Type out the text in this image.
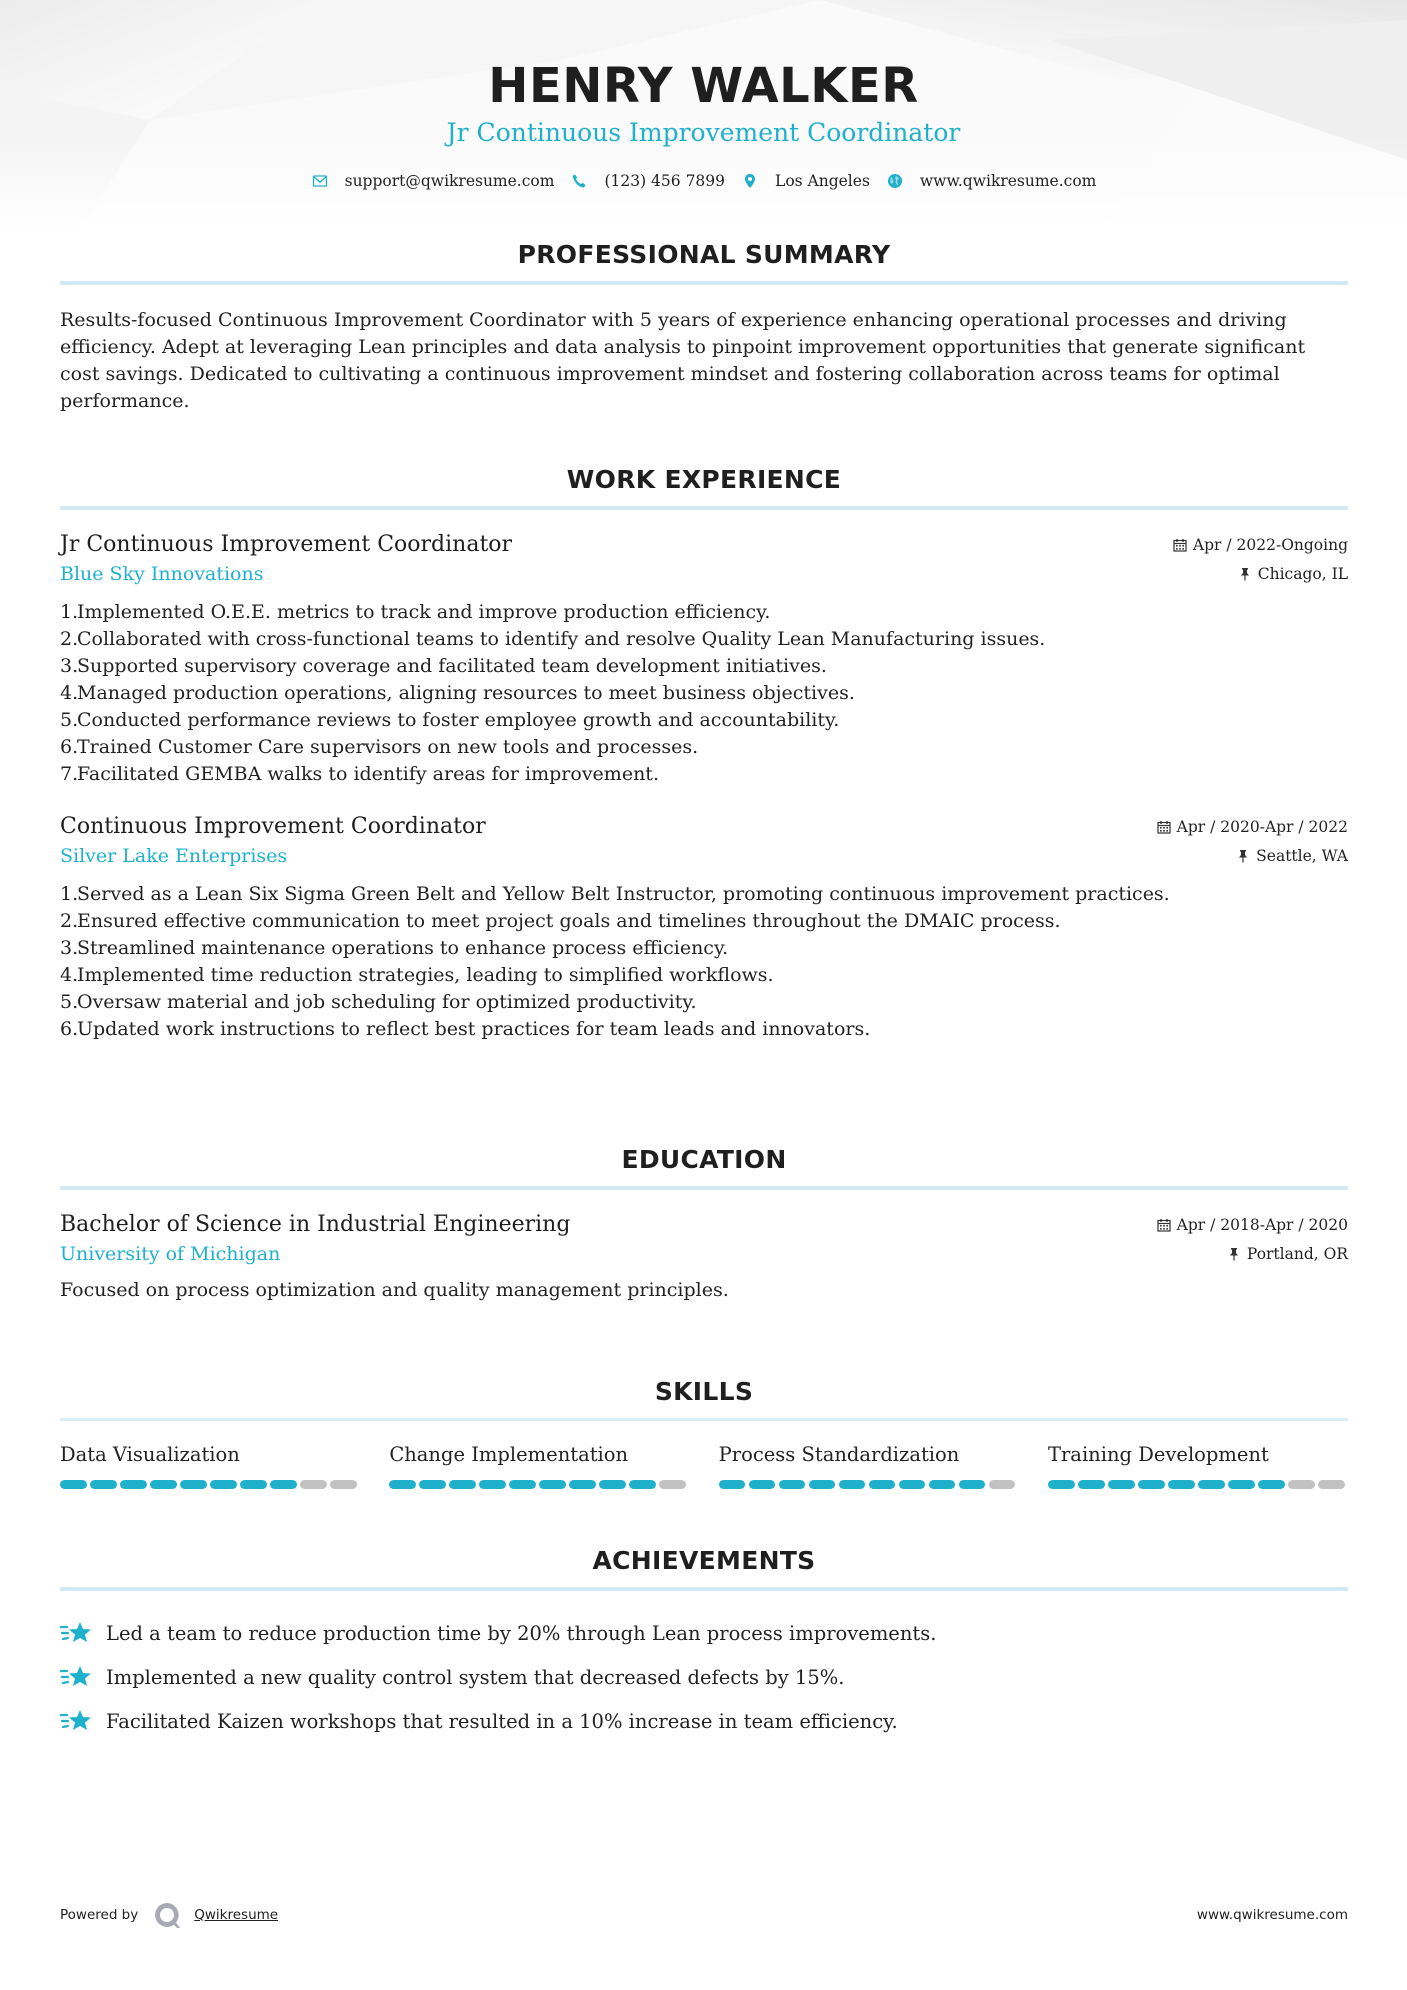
HENRY WALKER
Jr Continuous Improvement Coordinator
support@qwikresume.com	(123) 456 7899	Los Angeles	www.qwikresume.com
PROFESSIONAL SUMMARY

Results-focused Continuous Improvement Coordinator with 5 years of experience enhancing operational processes and driving efficiency. Adept at leveraging Lean principles and data analysis to pinpoint improvement opportunities that generate significant cost savings. Dedicated to cultivating a continuous improvement mindset and fostering collaboration across teams for optimal performance.

WORK EXPERIENCE
Jr Continuous Improvement Coordinator	Apr / 2022-Ongoing
Blue Sky Innovations	Chicago, IL
1.
Implemented O.E.E. metrics to track and improve production efficiency.
2.
Collaborated with cross-functional teams to identify and resolve Quality Lean Manufacturing issues.
3.
Supported supervisory coverage and facilitated team development initiatives.
4.
Managed production operations, aligning resources to meet business objectives.
5.
Conducted performance reviews to foster employee growth and accountability.
6.
Trained Customer Care supervisors on new tools and processes.
7.
Facilitated GEMBA walks to identify areas for improvement.
Continuous Improvement Coordinator	Apr / 2020-Apr / 2022
Silver Lake Enterprises	Seattle, WA
1.
Served as a Lean Six Sigma Green Belt and Yellow Belt Instructor, promoting continuous improvement practices.
2.
Ensured effective communication to meet project goals and timelines throughout the DMAIC process.
3.
Streamlined maintenance operations to enhance process efficiency.
4.
Implemented time reduction strategies, leading to simplified workflows.
5.
Oversaw material and job scheduling for optimized productivity.
6.
Updated work instructions to reflect best practices for team leads and innovators.
EDUCATION
Bachelor of Science in Industrial Engineering	Apr / 2018-Apr / 2020
University of Michigan	Portland, OR

Focused on process optimization and quality management principles.

SKILLS
Data Visualization	Change Implementation	Process Standardization	Training Development
ACHIEVEMENTS
Led a team to reduce production time by 20% through Lean process improvements.
Implemented a new quality control system that decreased defects by 15%.
Facilitated Kaizen workshops that resulted in a 10% increase in team efficiency.
Powered by	Qwikresume	www.qwikresume.com
